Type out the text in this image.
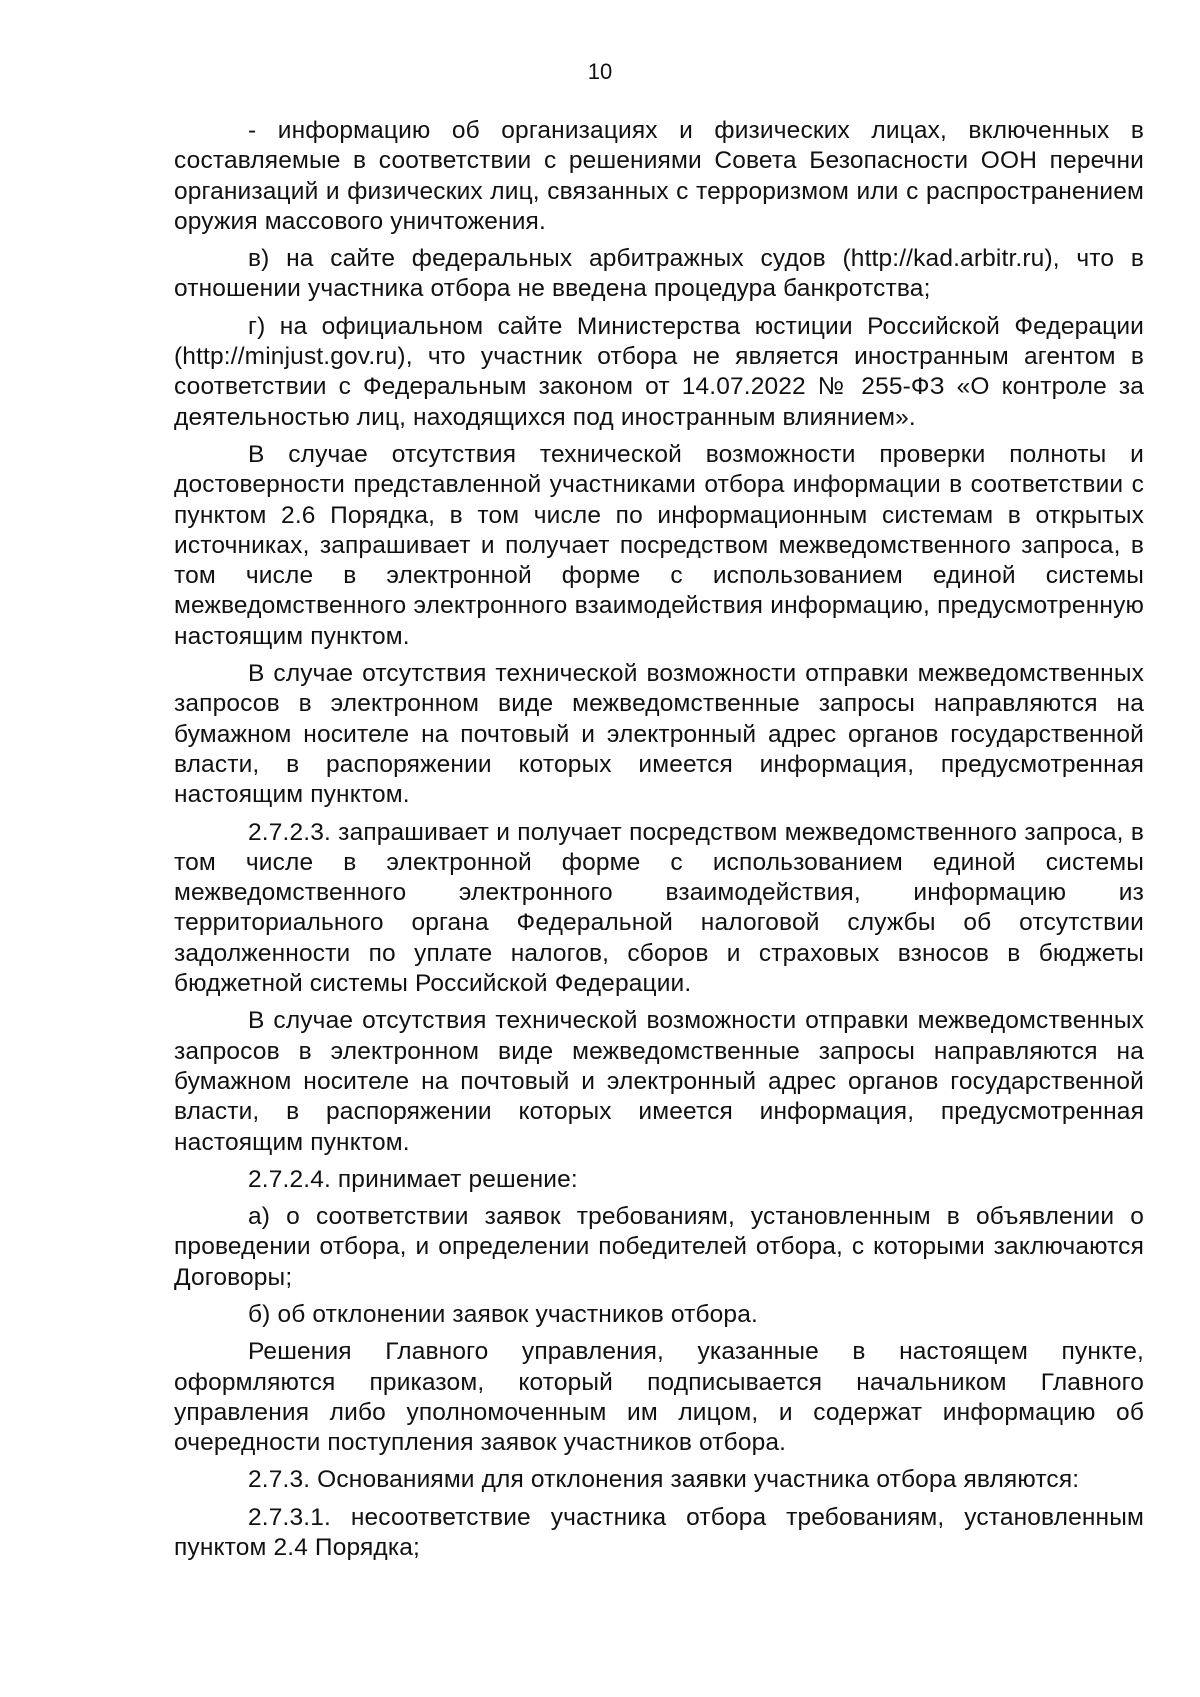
10

- информацию об организациях и физических лицах, включенных в составляемые в соответствии с решениями Совета Безопасности ООН перечни организаций и физических лиц, связанных с терроризмом или с распространением оружия массового уничтожения.

в) на сайте федеральных арбитражных судов (http://kad.arbitr.ru), что в отношении участника отбора не введена процедура банкротства;

г) на официальном сайте Министерства юстиции Российской Федерации (http://minjust.gov.ru), что участник отбора не является иностранным агентом в соответствии с Федеральным законом от 14.07.2022 № 255-ФЗ «О контроле за деятельностью лиц, находящихся под иностранным влиянием».

В случае отсутствия технической возможности проверки полноты и достоверности представленной участниками отбора информации в соответствии с пунктом 2.6 Порядка, в том числе по информационным системам в открытых источниках, запрашивает и получает посредством межведомственного запроса, в том числе в электронной форме с использованием единой системы межведомственного электронного взаимодействия информацию, предусмотренную настоящим пунктом.

В случае отсутствия технической возможности отправки межведомственных запросов в электронном виде межведомственные запросы направляются на бумажном носителе на почтовый и электронный адрес органов государственной власти, в распоряжении которых имеется информация, предусмотренная настоящим пунктом.

2.7.2.3. запрашивает и получает посредством межведомственного запроса, в том числе в электронной форме с использованием единой системы межведомственного электронного взаимодействия, информацию из территориального органа Федеральной налоговой службы об отсутствии задолженности по уплате налогов, сборов и страховых взносов в бюджеты бюджетной системы Российской Федерации.

В случае отсутствия технической возможности отправки межведомственных запросов в электронном виде межведомственные запросы направляются на бумажном носителе на почтовый и электронный адрес органов государственной власти, в распоряжении которых имеется информация, предусмотренная настоящим пунктом.

2.7.2.4. принимает решение:

а) о соответствии заявок требованиям, установленным в объявлении о проведении отбора, и определении победителей отбора, с которыми заключаются Договоры;

б) об отклонении заявок участников отбора.

Решения Главного управления, указанные в настоящем пункте, оформляются приказом, который подписывается начальником Главного управления либо уполномоченным им лицом, и содержат информацию об очередности поступления заявок участников отбора.

2.7.3. Основаниями для отклонения заявки участника отбора являются:

2.7.3.1. несоответствие участника отбора требованиям, установленным пунктом 2.4 Порядка;
